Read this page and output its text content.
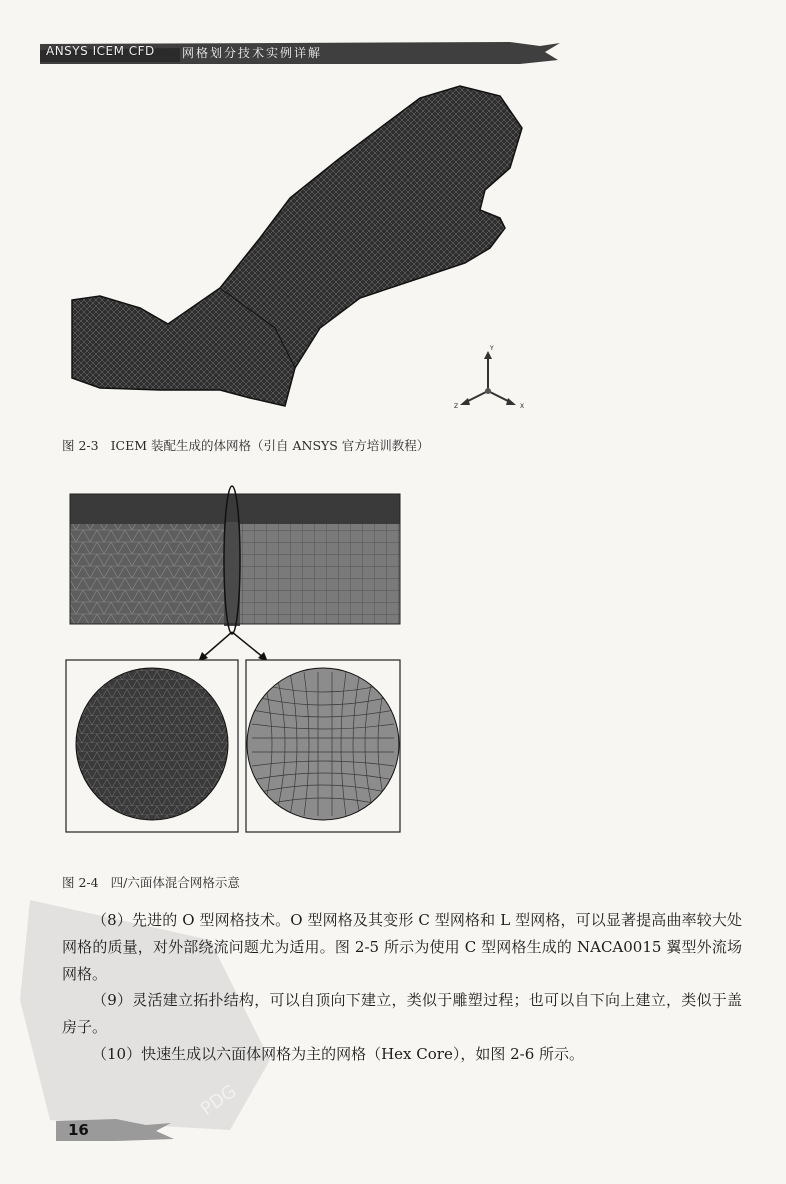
ANSYS ICEM CFD 网格划分技术实例详解
Y
Z	X
图 2-3 ICEM 装配生成的体网格（引自 ANSYS 官方培训教程）
图 2-4 四/六面体混合网格示意
PDG
（8）先进的 O 型网格技术。O 型网格及其变形 C 型网格和 L 型网格，可以显著提高曲率较大处网格的质量，对外部绕流问题尤为适用。图 2-5 所示为使用 C 型网格生成的 NACA0015 翼型外流场网格。
（9）灵活建立拓扑结构，可以自顶向下建立，类似于雕塑过程；也可以自下向上建立，类似于盖房子。
（10）快速生成以六面体网格为主的网格（Hex Core），如图 2-6 所示。
16
